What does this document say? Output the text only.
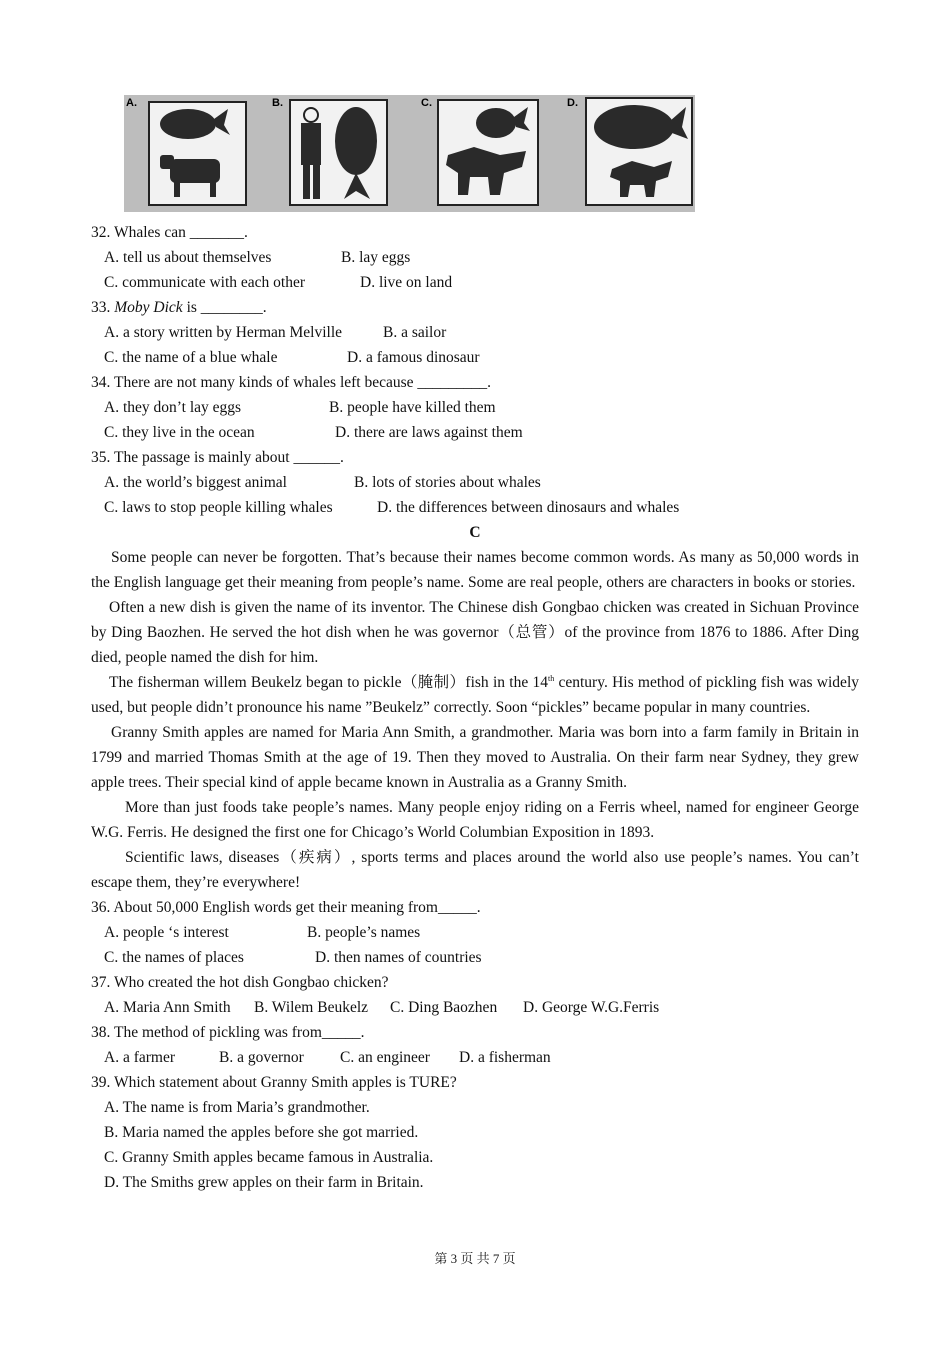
A.	B.	C.	D.
32. Whales can _______.
A. tell us about themselves	B. lay eggs
C. communicate with each other	D. live on land
33. Moby Dick is ________.
A. a story written by Herman Melville	B. a sailor
C. the name of a blue whale	D. a famous dinosaur
34. There are not many kinds of whales left because _________.
A. they don’t lay eggs	B. people have killed them
C. they live in the ocean	D. there are laws against them
35. The passage is mainly about ______.
A. the world’s biggest animal	B. lots of stories about whales
C. laws to stop people killing whales	D. the differences between dinosaurs and whales
C

Some people can never be forgotten. That’s because their names become common words. As many as 50,000 words in the English language get their meaning from people’s name. Some are real people, others are characters in books or stories.

Often a new dish is given the name of its inventor. The Chinese dish Gongbao chicken was created in Sichuan Province by Ding Baozhen. He served the hot dish when he was governor（总管）of the province from 1876 to 1886. After Ding died, people named the dish for him.

The fisherman willem Beukelz began to pickle（腌制）fish in the 14th century. His method of pickling fish was widely used, but people didn’t pronounce his name ”Beukelz” correctly. Soon “pickles” became popular in many countries.

Granny Smith apples are named for Maria Ann Smith, a grandmother. Maria was born into a farm family in Britain in 1799 and married Thomas Smith at the age of 19. Then they moved to Australia. On their farm near Sydney, they grew apple trees. Their special kind of apple became known in Australia as a Granny Smith.

More than just foods take people’s names. Many people enjoy riding on a Ferris wheel, named for engineer George W.G. Ferris. He designed the first one for Chicago’s World Columbian Exposition in 1893.

Scientific laws, diseases（疾病）, sports terms and places around the world also use people’s names. You can’t escape them, they’re everywhere!

36. About 50,000 English words get their meaning from_____.
A. people ‘s interest	B. people’s names
C. the names of places	D. then names of countries
37. Who created the hot dish Gongbao chicken?
A. Maria Ann Smith B. Wilem Beukelz C. Ding Baozhen D. George W.G.Ferris
38. The method of pickling was from_____.
A. a farmer	B. a governor C. an engineer D. a fisherman
39. Which statement about Granny Smith apples is TURE?
A. The name is from Maria’s grandmother.
B. Maria named the apples before she got married.
C. Granny Smith apples became famous in Australia.
D. The Smiths grew apples on their farm in Britain.
第 3 页 共 7 页
